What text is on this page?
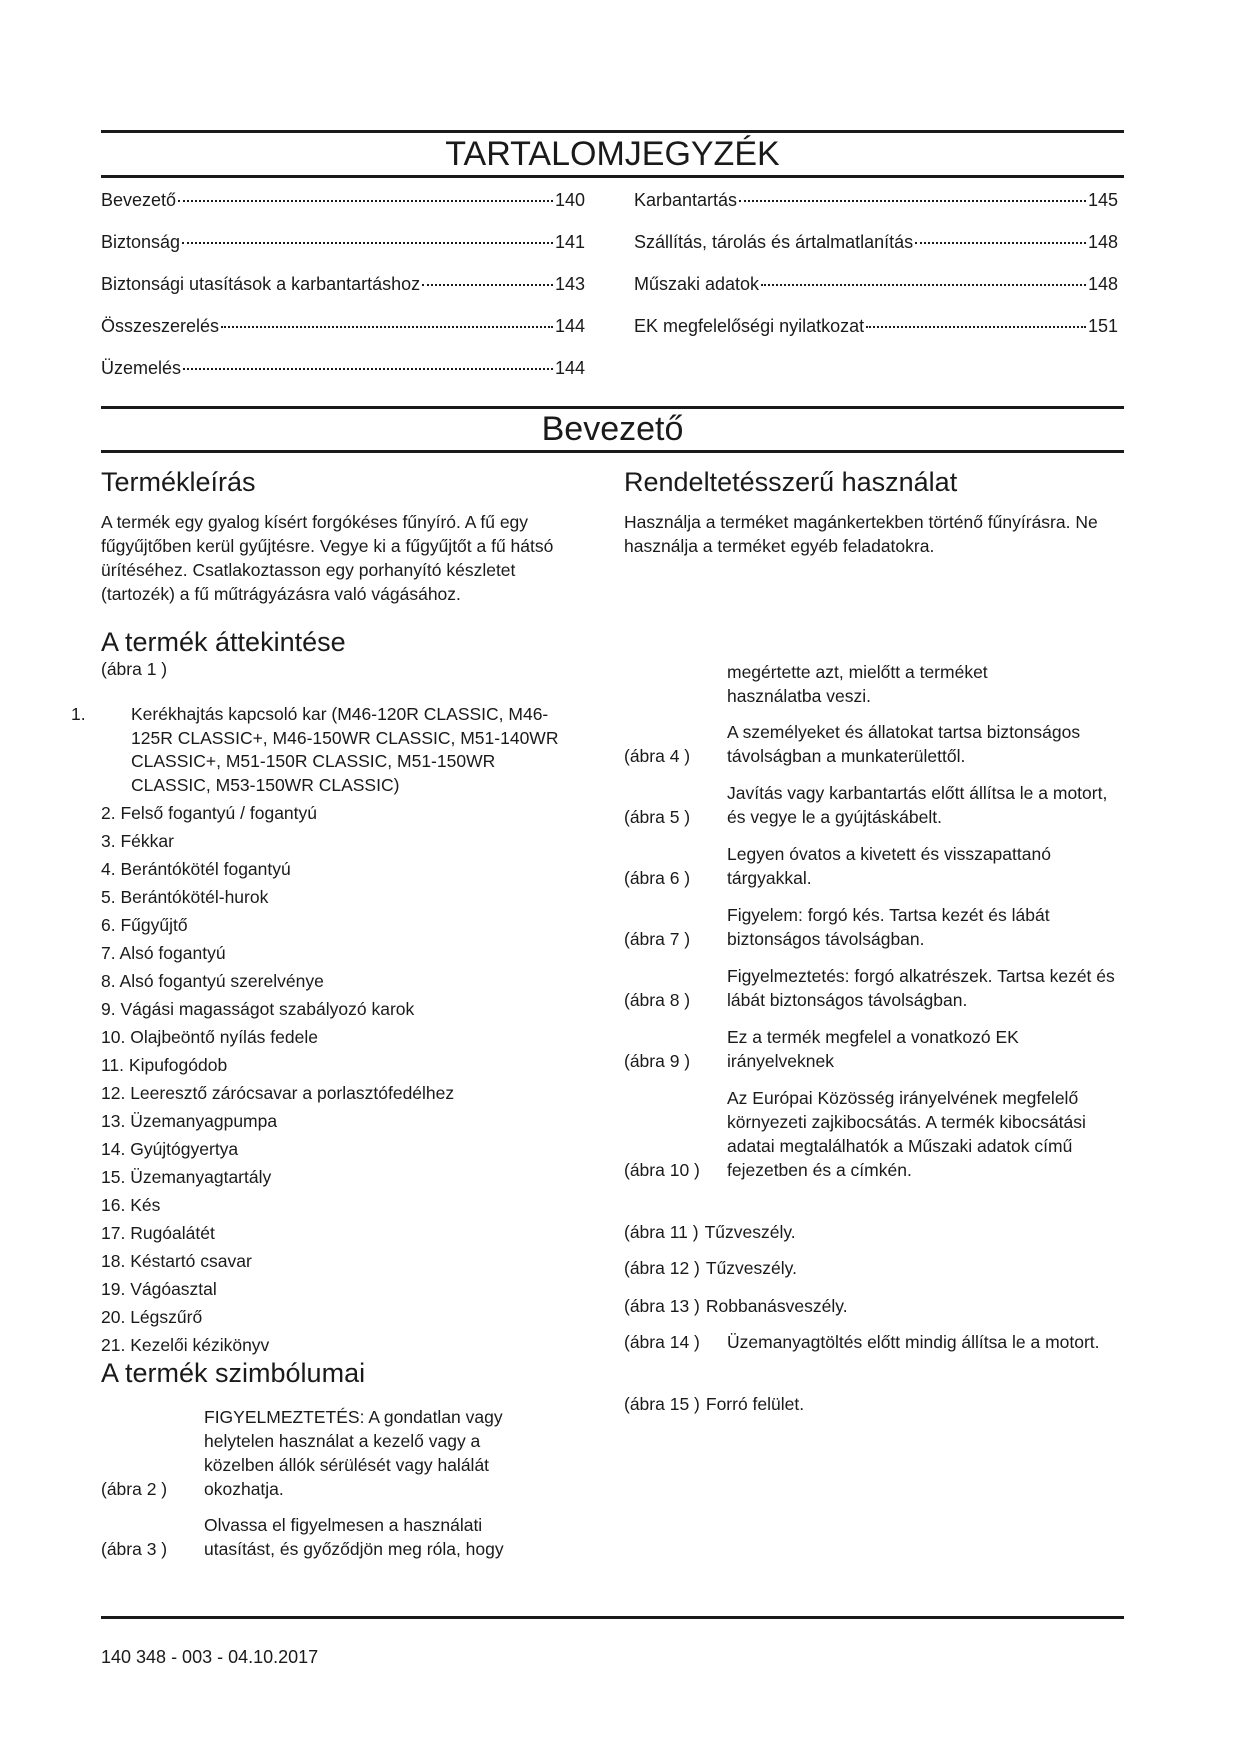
TARTALOMJEGYZÉK
Bevezető	140
Biztonság	141
Biztonsági utasítások a karbantartáshoz	143
Összeszerelés	144
Üzemelés	144
Karbantartás	145
Szállítás, tárolás és ártalmatlanítás	148
Műszaki adatok	148
EK megfelelőségi nyilatkozat	151
Bevezető
Termékleírás

A termék egy gyalog kísért forgókéses fűnyíró. A fű egy fűgyűjtőben kerül gyűjtésre. Vegye ki a fűgyűjtőt a fű hátsó ürítéséhez. Csatlakoztasson egy porhanyító készletet (tartozék) a fű műtrágyázásra való vágásához.

Rendeltetésszerű használat

Használja a terméket magánkertekben történő fűnyírásra. Ne használja a terméket egyéb feladatokra.

A termék áttekintése
(ábra 1 )
1.	Kerékhajtás kapcsoló kar (M46-120R CLASSIC, M46-125R CLASSIC+, M46-150WR CLASSIC, M51-140WR CLASSIC+, M51-150R CLASSIC, M51-150WR CLASSIC, M53-150WR CLASSIC)
2. Felső fogantyú / fogantyú
3. Fékkar
4. Berántókötél fogantyú
5. Berántókötél-hurok
6. Fűgyűjtő
7. Alsó fogantyú
8. Alsó fogantyú szerelvénye
9. Vágási magasságot szabályozó karok
10. Olajbeöntő nyílás fedele
11. Kipufogódob
12. Leeresztő zárócsavar a porlasztófedélhez
13. Üzemanyagpumpa
14. Gyújtógyertya
15. Üzemanyagtartály
16. Kés
17. Rugóalátét
18. Késtartó csavar
19. Vágóasztal
20. Légszűrő
21. Kezelői kézikönyv
A termék szimbólumai
(ábra 2 )
FIGYELMEZTETÉS: A gondatlan vagy helytelen használat a kezelő vagy a közelben állók sérülését vagy halálát okozhatja.
(ábra 3 )
Olvassa el figyelmesen a használati utasítást, és győződjön meg róla, hogy

megértette azt, mielőtt a terméket használatba veszi.

(ábra 4 )
A személyeket és állatokat tartsa biztonságos távolságban a munkaterülettől.
(ábra 5 )
Javítás vagy karbantartás előtt állítsa le a motort, és vegye le a gyújtáskábelt.
(ábra 6 )
Legyen óvatos a kivetett és visszapattanó tárgyakkal.
(ábra 7 )
Figyelem: forgó kés. Tartsa kezét és lábát biztonságos távolságban.
(ábra 8 )
Figyelmeztetés: forgó alkatrészek. Tartsa kezét és lábát biztonságos távolságban.
(ábra 9 )
Ez a termék megfelel a vonatkozó EK irányelveknek
(ábra 10 )
Az Európai Közösség irányelvének megfelelő környezeti zajkibocsátás. A termék kibocsátási adatai megtalálhatók a Műszaki adatok című fejezetben és a címkén.
(ábra 11 ) Tűzveszély.
(ábra 12 ) Tűzveszély.
(ábra 13 ) Robbanásveszély.
(ábra 14 )	Üzemanyagtöltés előtt mindig állítsa le a motort.
(ábra 15 ) Forró felület.
140 348 - 003 - 04.10.2017
